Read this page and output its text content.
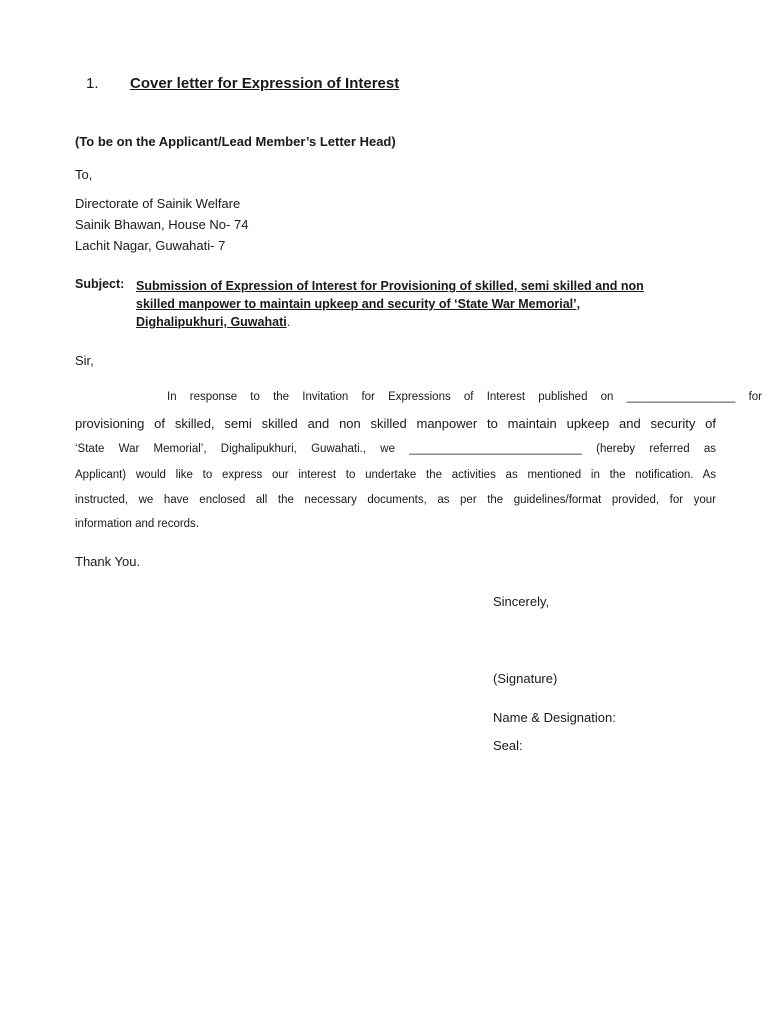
1. Cover letter for Expression of Interest
(To be on the Applicant/Lead Member’s Letter Head)
To,
Directorate of Sainik Welfare
Sainik Bhawan, House No- 74
Lachit Nagar, Guwahati- 7
Subject: Submission of Expression of Interest for Provisioning of skilled, semi skilled and non
skilled manpower to maintain upkeep and security of ‘State War Memorial’,
Dighalipukhuri, Guwahati.
Sir,
In response to the Invitation for Expressions of Interest published on _________________ for
provisioning of skilled, semi skilled and non skilled manpower to maintain upkeep and security of
‘State War Memorial’, Dighalipukhuri, Guwahati., we ___________________________ (hereby referred as
Applicant) would like to express our interest to undertake the activities as mentioned in the notification. As
instructed, we have enclosed all the necessary documents, as per the guidelines/format provided, for your
information and records.
Thank You.
Sincerely,
(Signature)
Name & Designation:
Seal:
